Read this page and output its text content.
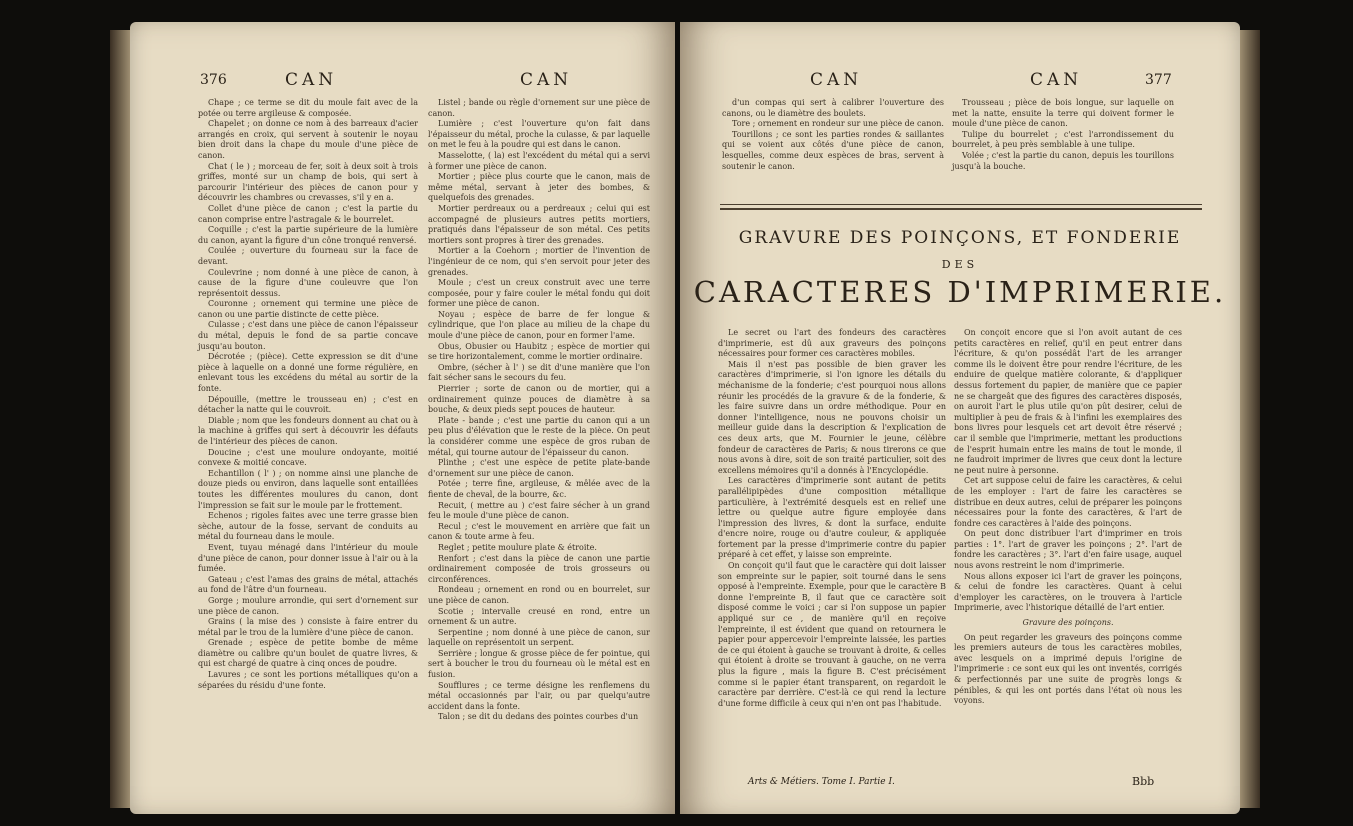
376	CAN	CAN

Chape ; ce terme se dit du moule fait avec de la potée ou terre argileuse & composée.

Chapelet ; on donne ce nom à des barreaux d'acier arrangés en croix, qui servent à soutenir le noyau bien droit dans la chape du moule d'une pièce de canon.

Chat ( le ) ; morceau de fer, soit à deux soit à trois griffes, monté sur un champ de bois, qui sert à parcourir l'intérieur des pièces de canon pour y découvrir les chambres ou crevasses, s'il y en a.

Collet d'une pièce de canon ; c'est la partie du canon comprise entre l'astragale & le bourrelet.

Coquille ; c'est la partie supérieure de la lumière du canon, ayant la figure d'un cône tronqué renversé.

Coulée ; ouverture du fourneau sur la face de devant.

Coulevrine ; nom donné à une pièce de canon, à cause de la figure d'une couleuvre que l'on représentoit dessus.

Couronne ; ornement qui termine une pièce de canon ou une partie distincte de cette pièce.

Culasse ; c'est dans une pièce de canon l'épaisseur du métal, depuis le fond de sa partie concave jusqu'au bouton.

Décrotée ; (pièce). Cette expression se dit d'une pièce à laquelle on a donné une forme régulière, en enlevant tous les excédens du métal au sortir de la fonte.

Dépouille, (mettre le trousseau en) ; c'est en détacher la natte qui le couvroit.

Diable ; nom que les fondeurs donnent au chat ou à la machine à griffes qui sert à découvrir les défauts de l'intérieur des pièces de canon.

Doucine ; c'est une moulure ondoyante, moitié convexe & moitié concave.

Echantillon ( l' ) ; on nomme ainsi une planche de douze pieds ou environ, dans laquelle sont entaillées toutes les différentes moulures du canon, dont l'impression se fait sur le moule par le frottement.

Echenos ; rigoles faites avec une terre grasse bien sèche, autour de la fosse, servant de conduits au métal du fourneau dans le moule.

Event, tuyau ménagé dans l'intérieur du moule d'une pièce de canon, pour donner issue à l'air ou à la fumée.

Gateau ; c'est l'amas des grains de métal, attachés au fond de l'âtre d'un fourneau.

Gorge ; moulure arrondie, qui sert d'ornement sur une pièce de canon.

Grains ( la mise des ) consiste à faire entrer du métal par le trou de la lumière d'une pièce de canon.

Grenade ; espèce de petite bombe de même diamètre ou calibre qu'un boulet de quatre livres, & qui est chargé de quatre à cinq onces de poudre.

Lavures ; ce sont les portions métalliques qu'on a séparées du résidu d'une fonte.

Listel ; bande ou règle d'ornement sur une pièce de canon.

Lumière ; c'est l'ouverture qu'on fait dans l'épaisseur du métal, proche la culasse, & par laquelle on met le feu à la poudre qui est dans le canon.

Masselotte, ( la) est l'excédent du métal qui a servi à former une pièce de canon.

Mortier ; pièce plus courte que le canon, mais de même métal, servant à jeter des bombes, & quelquefois des grenades.

Mortier perdreaux ou a perdreaux ; celui qui est accompagné de plusieurs autres petits mortiers, pratiqués dans l'épaisseur de son métal. Ces petits mortiers sont propres à tirer des grenades.

Mortier a la Coehorn ; mortier de l'invention de l'ingénieur de ce nom, qui s'en servoit pour jeter des grenades.

Moule ; c'est un creux construit avec une terre composée, pour y faire couler le métal fondu qui doit former une pièce de canon.

Noyau ; espèce de barre de fer longue & cylindrique, que l'on place au milieu de la chape du moule d'une pièce de canon, pour en former l'ame.

Obus, Obusier ou Haubitz ; espèce de mortier qui se tire horizontalement, comme le mortier ordinaire.

Ombre, (sécher à l' ) se dit d'une manière que l'on fait sécher sans le secours du feu.

Pierrier ; sorte de canon ou de mortier, qui a ordinairement quinze pouces de diamètre à sa bouche, & deux pieds sept pouces de hauteur.

Plate - bande ; c'est une partie du canon qui a un peu plus d'élévation que le reste de la pièce. On peut la considérer comme une espèce de gros ruban de métal, qui tourne autour de l'épaisseur du canon.

Plinthe ; c'est une espèce de petite plate-bande d'ornement sur une pièce de canon.

Potée ; terre fine, argileuse, & mêlée avec de la fiente de cheval, de la bourre, &c.

Recuit, ( mettre au ) c'est faire sécher à un grand feu le moule d'une pièce de canon.

Recul ; c'est le mouvement en arrière que fait un canon & toute arme à feu.

Reglet ; petite moulure plate & étroite.

Renfort ; c'est dans la pièce de canon une partie ordinairement composée de trois grosseurs ou circonférences.

Rondeau ; ornement en rond ou en bourrelet, sur une pièce de canon.

Scotie ; intervalle creusé en rond, entre un ornement & un autre.

Serpentine ; nom donné à une pièce de canon, sur laquelle on représentoit un serpent.

Serrière ; longue & grosse pièce de fer pointue, qui sert à boucher le trou du fourneau où le métal est en fusion.

Soufflures ; ce terme désigne les renflemens du métal occasionnés par l'air, ou par quelqu'autre accident dans la fonte.

Talon ; se dit du dedans des pointes courbes d'un

CAN	CAN	377

d'un compas qui sert à calibrer l'ouverture des canons, ou le diamètre des boulets.

Tore ; ornement en rondeur sur une pièce de canon.

Tourillons ; ce sont les parties rondes & saillantes qui se voient aux côtés d'une pièce de canon, lesquelles, comme deux espèces de bras, servent à soutenir le canon.

Trousseau ; pièce de bois longue, sur laquelle on met la natte, ensuite la terre qui doivent former le moule d'une pièce de canon.

Tulipe du bourrelet ; c'est l'arrondissement du bourrelet, à peu près semblable à une tulipe.

Volée ; c'est la partie du canon, depuis les tourillons jusqu'à la bouche.

GRAVURE DES POINÇONS, ET FONDERIE
DES
CARACTERES D'IMPRIMERIE.

Le secret ou l'art des fondeurs des caractères d'imprimerie, est dû aux graveurs des poinçons nécessaires pour former ces caractères mobiles.

Mais il n'est pas possible de bien graver les caractères d'imprimerie, si l'on ignore les détails du méchanisme de la fonderie; c'est pourquoi nous allons réunir les procédés de la gravure & de la fonderie, & les faire suivre dans un ordre méthodique. Pour en donner l'intelligence, nous ne pouvons choisir un meilleur guide dans la description & l'explication de ces deux arts, que M. Fournier le jeune, célèbre fondeur de caractères de Paris; & nous tirerons ce que nous avons à dire, soit de son traité particulier, soit des excellens mémoires qu'il a donnés à l'Encyclopédie.

Les caractères d'imprimerie sont autant de petits parallélipipèdes d'une composition métallique particulière, à l'extrémité desquels est en relief une lettre ou quelque autre figure employée dans l'impression des livres, & dont la surface, enduite d'encre noire, rouge ou d'autre couleur, & appliquée fortement par la presse d'imprimerie contre du papier préparé à cet effet, y laisse son empreinte.

On conçoit qu'il faut que le caractère qui doit laisser son empreinte sur le papier, soit tourné dans le sens opposé à l'empreinte. Exemple, pour que le caractère B donne l'empreinte B, il faut que ce caractère soit disposé comme le voici ; car si l'on suppose un papier appliqué sur ce , de manière qu'il en reçoive l'empreinte, il est évident que quand on retournera le papier pour appercevoir l'empreinte laissée, les parties de ce qui étoient à gauche se trouvant à droite, & celles qui étoient à droite se trouvant à gauche, on ne verra plus la figure , mais la figure B. C'est précisément comme si le papier étant transparent, on regardoit le caractère par derrière. C'est-là ce qui rend la lecture d'une forme difficile à ceux qui n'en ont pas l'habitude.

On conçoit encore que si l'on avoit autant de ces petits caractères en relief, qu'il en peut entrer dans l'écriture, & qu'on possédât l'art de les arranger comme ils le doivent être pour rendre l'écriture, de les enduire de quelque matière colorante, & d'appliquer dessus fortement du papier, de manière que ce papier ne se chargeât que des figures des caractères disposés, on auroit l'art le plus utile qu'on pût desirer, celui de multiplier à peu de frais & à l'infini les exemplaires des bons livres pour lesquels cet art devoit être réservé ; car il semble que l'imprimerie, mettant les productions de l'esprit humain entre les mains de tout le monde, il ne faudroit imprimer de livres que ceux dont la lecture ne peut nuire à personne.

Cet art suppose celui de faire les caractères, & celui de les employer : l'art de faire les caractères se distribue en deux autres, celui de préparer les poinçons nécessaires pour la fonte des caractères, & l'art de fondre ces caractères à l'aide des poinçons.

On peut donc distribuer l'art d'imprimer en trois parties : 1°. l'art de graver les poinçons ; 2°. l'art de fondre les caractères ; 3°. l'art d'en faire usage, auquel nous avons restreint le nom d'imprimerie.

Nous allons exposer ici l'art de graver les poinçons, & celui de fondre les caractères. Quant à celui d'employer les caractères, on le trouvera à l'article Imprimerie, avec l'historique détaillé de l'art entier.

Gravure des poinçons.

On peut regarder les graveurs des poinçons comme les premiers auteurs de tous les caractères mobiles, avec lesquels on a imprimé depuis l'origine de l'imprimerie : ce sont eux qui les ont inventés, corrigés & perfectionnés par une suite de progrès longs & pénibles, & qui les ont portés dans l'état où nous les voyons.

Arts & Métiers. Tome I. Partie I.	Bbb
